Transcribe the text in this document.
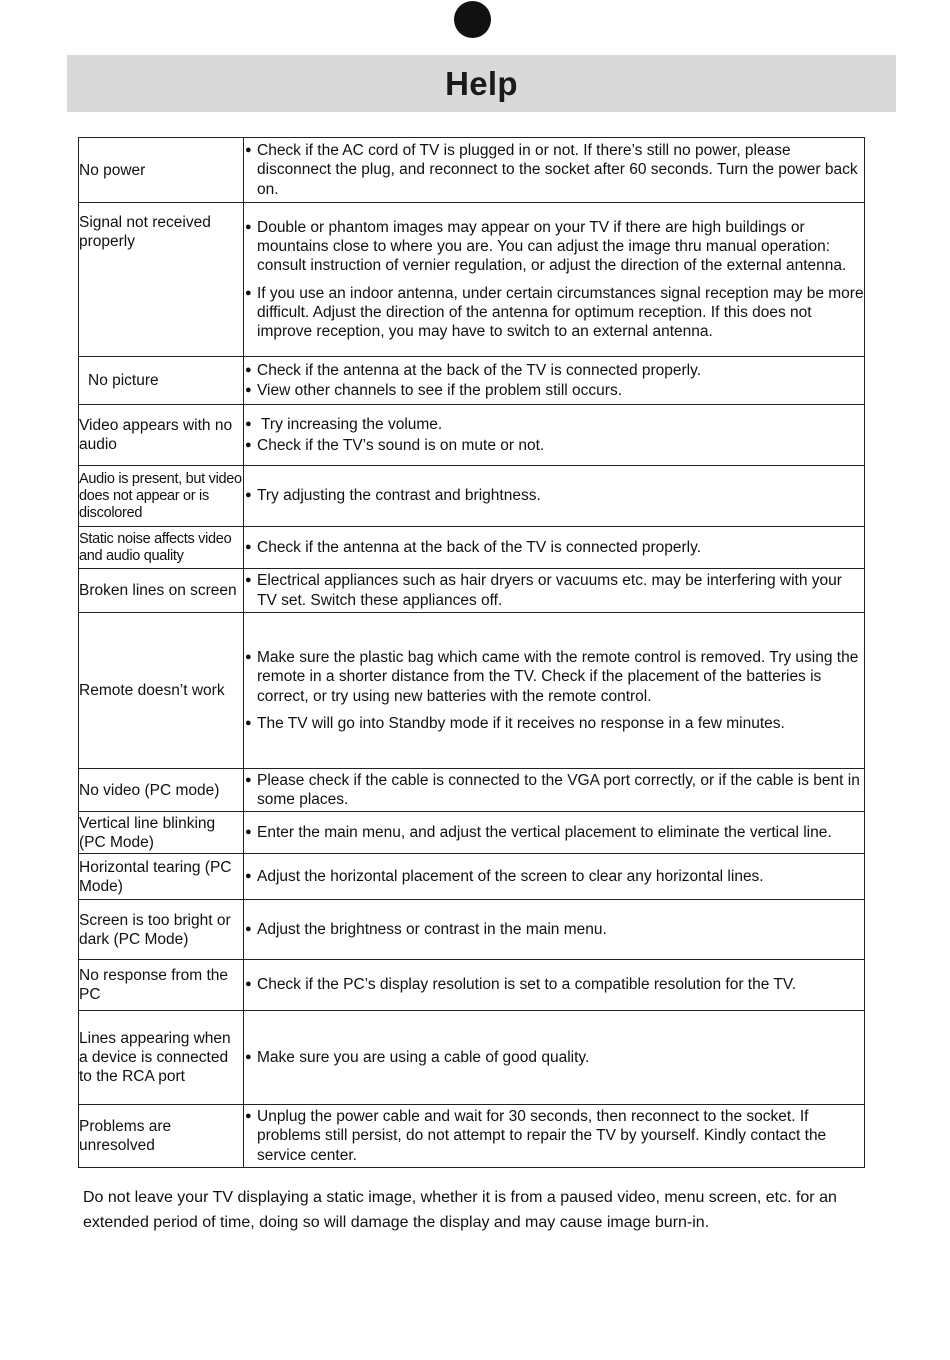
Help
No power	● Check if the AC cord of TV is plugged in or not. If there’s still no power, please disconnect the plug, and reconnect to the socket after 60 seconds. Turn the power back on.

Signal not received properly	● Double or phantom images may appear on your TV if there are high buildings or mountains close to where you are. You can adjust the image thru manual operation: consult instruction of vernier regulation, or adjust the direction of the external antenna.
● If you use an indoor antenna, under certain circumstances signal reception may be more difficult. Adjust the direction of the antenna for optimum reception. If this does not improve reception, you may have to switch to an external antenna.

No picture	● Check if the antenna at the back of the TV is connected properly.
● View other channels to see if the problem still occurs.

Video appears with no audio	● Try increasing the volume.
● Check if the TV’s sound is on mute or not.

Audio is present, but video does not appear or is discolored	● Try adjusting the contrast and brightness.

Static noise affects video and audio quality	● Check if the antenna at the back of the TV is connected properly.

Broken lines on screen	● Electrical appliances such as hair dryers or vacuums etc. may be interfering with your TV set. Switch these appliances off.

Remote doesn’t work	● Make sure the plastic bag which came with the remote control is removed. Try using the remote in a shorter distance from the TV. Check if the placement of the batteries is correct, or try using new batteries with the remote control.
● The TV will go into Standby mode if it receives no response in a few minutes.

No video (PC mode)	● Please check if the cable is connected to the VGA port correctly, or if the cable is bent in some places.

Vertical line blinking (PC Mode)	● Enter the main menu, and adjust the vertical placement to eliminate the vertical line.

Horizontal tearing (PC Mode)	● Adjust the horizontal placement of the screen to clear any horizontal lines.

Screen is too bright or dark (PC Mode)	● Adjust the brightness or contrast in the main menu.

No response from the PC	● Check if the PC’s display resolution is set to a compatible resolution for the TV.

Lines appearing when a device is connected to the RCA port	● Make sure you are using a cable of good quality.

Problems are unresolved	● Unplug the power cable and wait for 30 seconds, then reconnect to the socket. If problems still persist, do not attempt to repair the TV by yourself. Kindly contact the service center.
Do not leave your TV displaying a static image, whether it is from a paused video, menu screen, etc. for an extended period of time, doing so will damage the display and may cause image burn-in.
